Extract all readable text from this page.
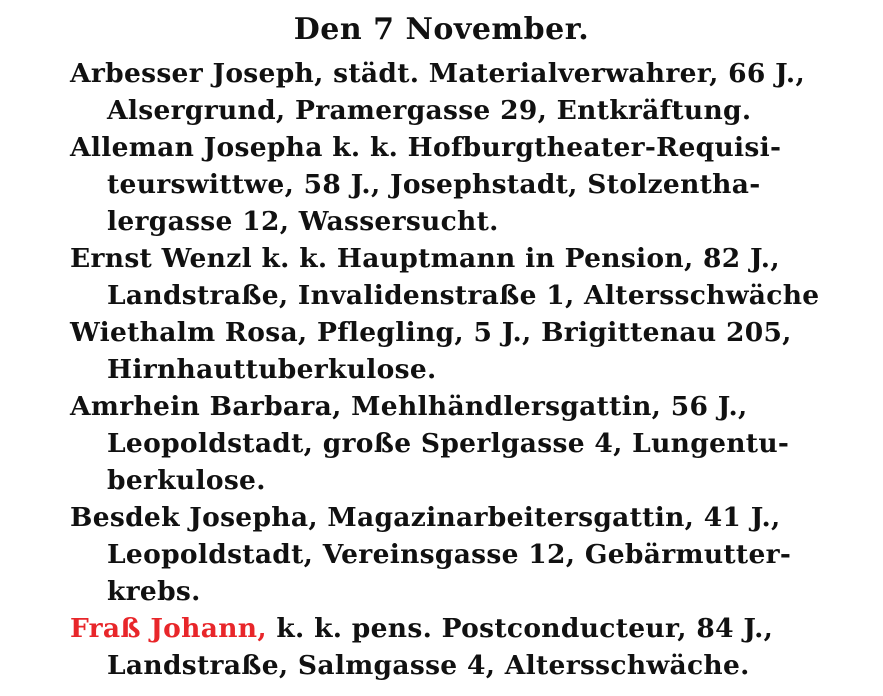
Den 7 November.
Arbesser Joseph, städt. Materialverwahrer, 66 J.,
Alsergrund, Pramergasse 29, Entkräftung.
Alleman Josepha k. k. Hofburgtheater-Requisi-
teurswittwe, 58 J., Josephstadt, Stolzentha-
lergasse 12, Wassersucht.
Ernst Wenzl k. k. Hauptmann in Pension, 82 J.,
Landstraße, Invalidenstraße 1, Altersschwäche
Wiethalm Rosa, Pflegling, 5 J., Brigittenau 205,
Hirnhauttuberkulose.
Amrhein Barbara, Mehlhändlersgattin, 56 J.,
Leopoldstadt, große Sperlgasse 4, Lungentu-
berkulose.
Besdek Josepha, Magazinarbeitersgattin, 41 J.,
Leopoldstadt, Vereinsgasse 12, Gebärmutter-
krebs.
Fraß Johann, k. k. pens. Postconducteur, 84 J.,
Landstraße, Salmgasse 4, Altersschwäche.
